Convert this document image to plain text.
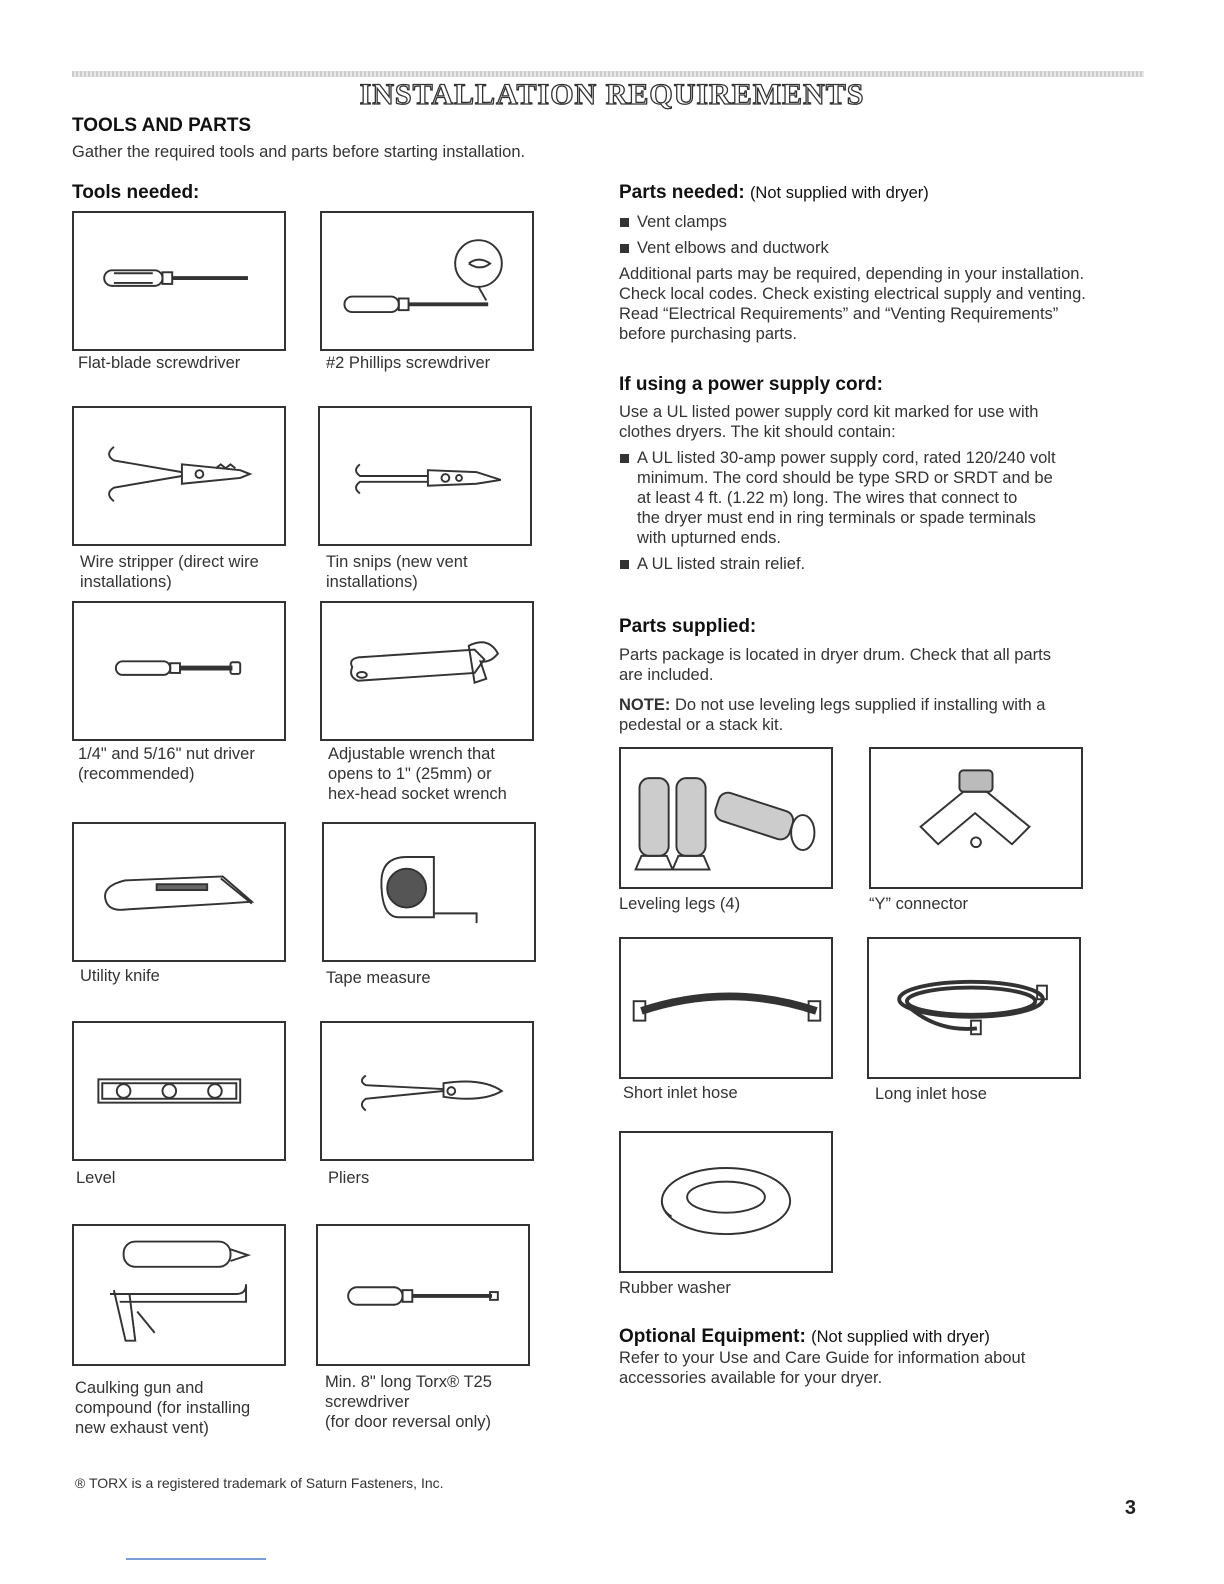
INSTALLATION REQUIREMENTS
TOOLS AND PARTS
Gather the required tools and parts before starting installation.
Tools needed:
Flat-blade screwdriver	#2 Phillips screwdriver
Wire stripper (direct wire
installations)
Tin snips (new vent
installations)
1/4" and 5/16" nut driver
(recommended)
Adjustable wrench that
opens to 1" (25mm) or
hex-head socket wrench
Utility knife	Tape measure
Level	Pliers
Caulking gun and
compound (for installing
new exhaust vent)
Min. 8" long Torx® T25
screwdriver
(for door reversal only)
Parts needed: (Not supplied with dryer)
Vent clamps
Vent elbows and ductwork
Additional parts may be required, depending in your installation.
Check local codes. Check existing electrical supply and venting.
Read “Electrical Requirements” and “Venting Requirements”
before purchasing parts.
If using a power supply cord:
Use a UL listed power supply cord kit marked for use with
clothes dryers. The kit should contain:
A UL listed 30-amp power supply cord, rated 120/240 volt
minimum. The cord should be type SRD or SRDT and be
at least 4 ft. (1.22 m) long. The wires that connect to
the dryer must end in ring terminals or spade terminals
with upturned ends.
A UL listed strain relief.
Parts supplied:
Parts package is located in dryer drum. Check that all parts
are included.
NOTE: Do not use leveling legs supplied if installing with a
pedestal or a stack kit.
Leveling legs (4)	“Y” connector
Short inlet hose	Long inlet hose
Rubber washer
Optional Equipment: (Not supplied with dryer)
Refer to your Use and Care Guide for information about
accessories available for your dryer.
® TORX is a registered trademark of Saturn Fasteners, Inc.
3
